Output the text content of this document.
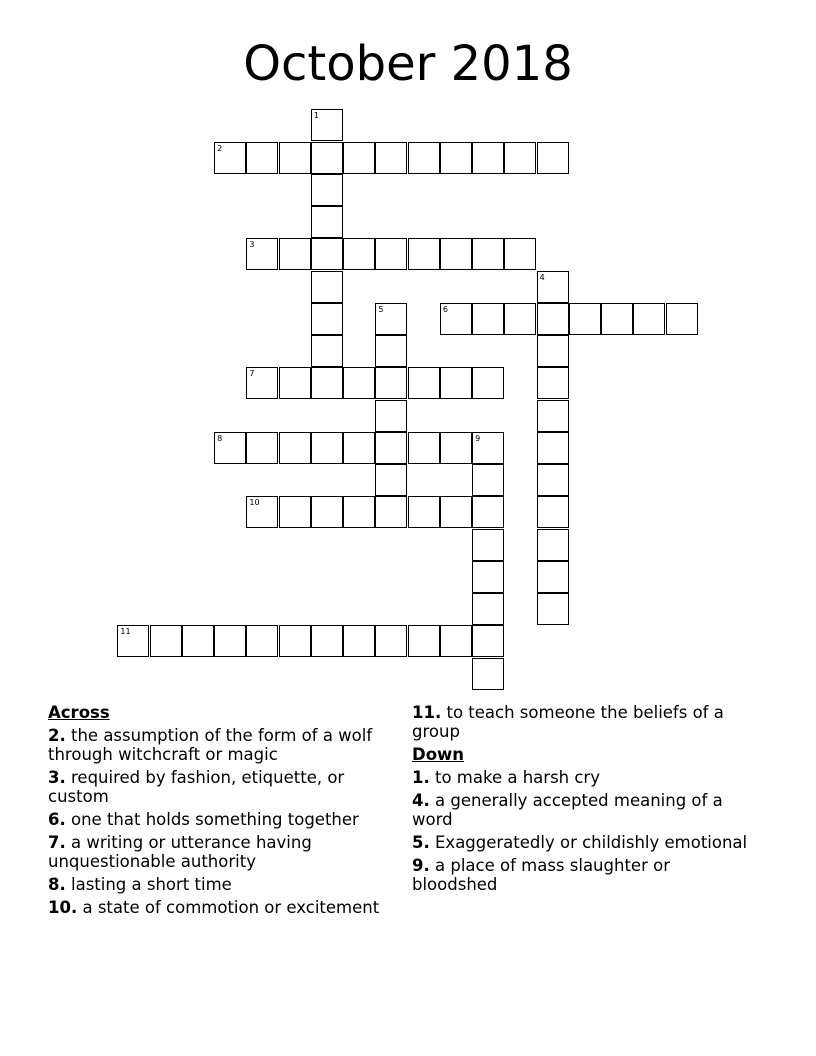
October 2018
1
2
3
4
5	6
7
8	9
10
11
Across
2. the assumption of the form of a wolf through witchcraft or magic
3. required by fashion, etiquette, or custom
6. one that holds something together
7. a writing or utterance having unquestionable authority
8. lasting a short time
10. a state of commotion or excitement
11. to teach someone the beliefs of a group
Down
1. to make a harsh cry
4. a generally accepted meaning of a word
5. Exaggeratedly or childishly emotional
9. a place of mass slaughter or bloodshed
